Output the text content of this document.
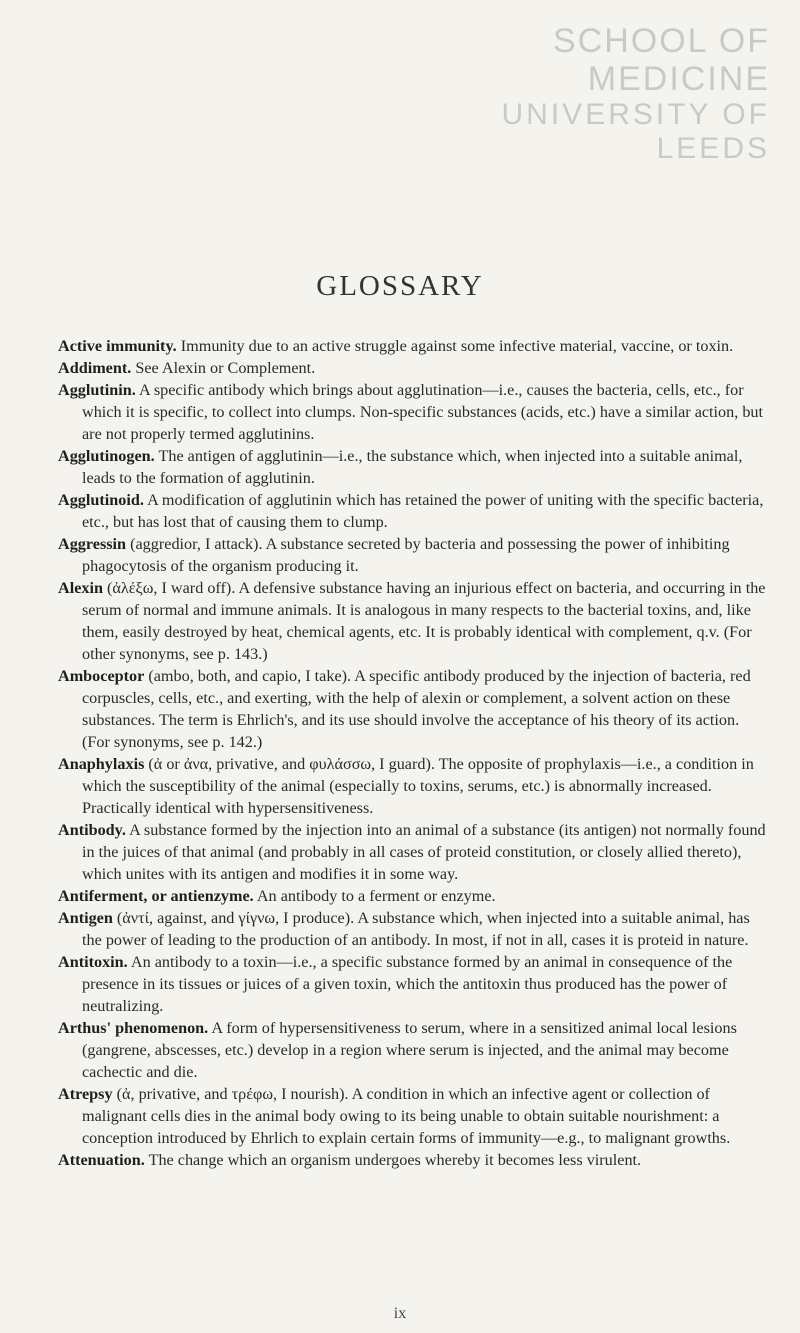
SCHOOL OF MEDICINE
UNIVERSITY OF LEEDS
GLOSSARY

Active immunity. Immunity due to an active struggle against some infective material, vaccine, or toxin.

Addiment. See Alexin or Complement.

Agglutinin. A specific antibody which brings about agglutination—i.e., causes the bacteria, cells, etc., for which it is specific, to collect into clumps. Non-specific substances (acids, etc.) have a similar action, but are not properly termed agglutinins.

Agglutinogen. The antigen of agglutinin—i.e., the substance which, when injected into a suitable animal, leads to the formation of agglutinin.

Agglutinoid. A modification of agglutinin which has retained the power of uniting with the specific bacteria, etc., but has lost that of causing them to clump.

Aggressin (aggredior, I attack). A substance secreted by bacteria and possessing the power of inhibiting phagocytosis of the organism producing it.

Alexin (ἀλέξω, I ward off). A defensive substance having an injurious effect on bacteria, and occurring in the serum of normal and immune animals. It is analogous in many respects to the bacterial toxins, and, like them, easily destroyed by heat, chemical agents, etc. It is probably identical with complement, q.v. (For other synonyms, see p. 143.)

Amboceptor (ambo, both, and capio, I take). A specific antibody produced by the injection of bacteria, red corpuscles, cells, etc., and exerting, with the help of alexin or complement, a solvent action on these substances. The term is Ehrlich's, and its use should involve the acceptance of his theory of its action. (For synonyms, see p. 142.)

Anaphylaxis (ἀ or ἀνα, privative, and φυλάσσω, I guard). The opposite of prophylaxis—i.e., a condition in which the susceptibility of the animal (especially to toxins, serums, etc.) is abnormally increased. Practically identical with hypersensitiveness.

Antibody. A substance formed by the injection into an animal of a substance (its antigen) not normally found in the juices of that animal (and probably in all cases of proteid constitution, or closely allied thereto), which unites with its antigen and modifies it in some way.

Antiferment, or antienzyme. An antibody to a ferment or enzyme.

Antigen (ἀντί, against, and γίγνω, I produce). A substance which, when injected into a suitable animal, has the power of leading to the production of an antibody. In most, if not in all, cases it is proteid in nature.

Antitoxin. An antibody to a toxin—i.e., a specific substance formed by an animal in consequence of the presence in its tissues or juices of a given toxin, which the antitoxin thus produced has the power of neutralizing.

Arthus' phenomenon. A form of hypersensitiveness to serum, where in a sensitized animal local lesions (gangrene, abscesses, etc.) develop in a region where serum is injected, and the animal may become cachectic and die.

Atrepsy (ἀ, privative, and τρέφω, I nourish). A condition in which an infective agent or collection of malignant cells dies in the animal body owing to its being unable to obtain suitable nourishment: a conception introduced by Ehrlich to explain certain forms of immunity—e.g., to malignant growths.

Attenuation. The change which an organism undergoes whereby it becomes less virulent.

ix
